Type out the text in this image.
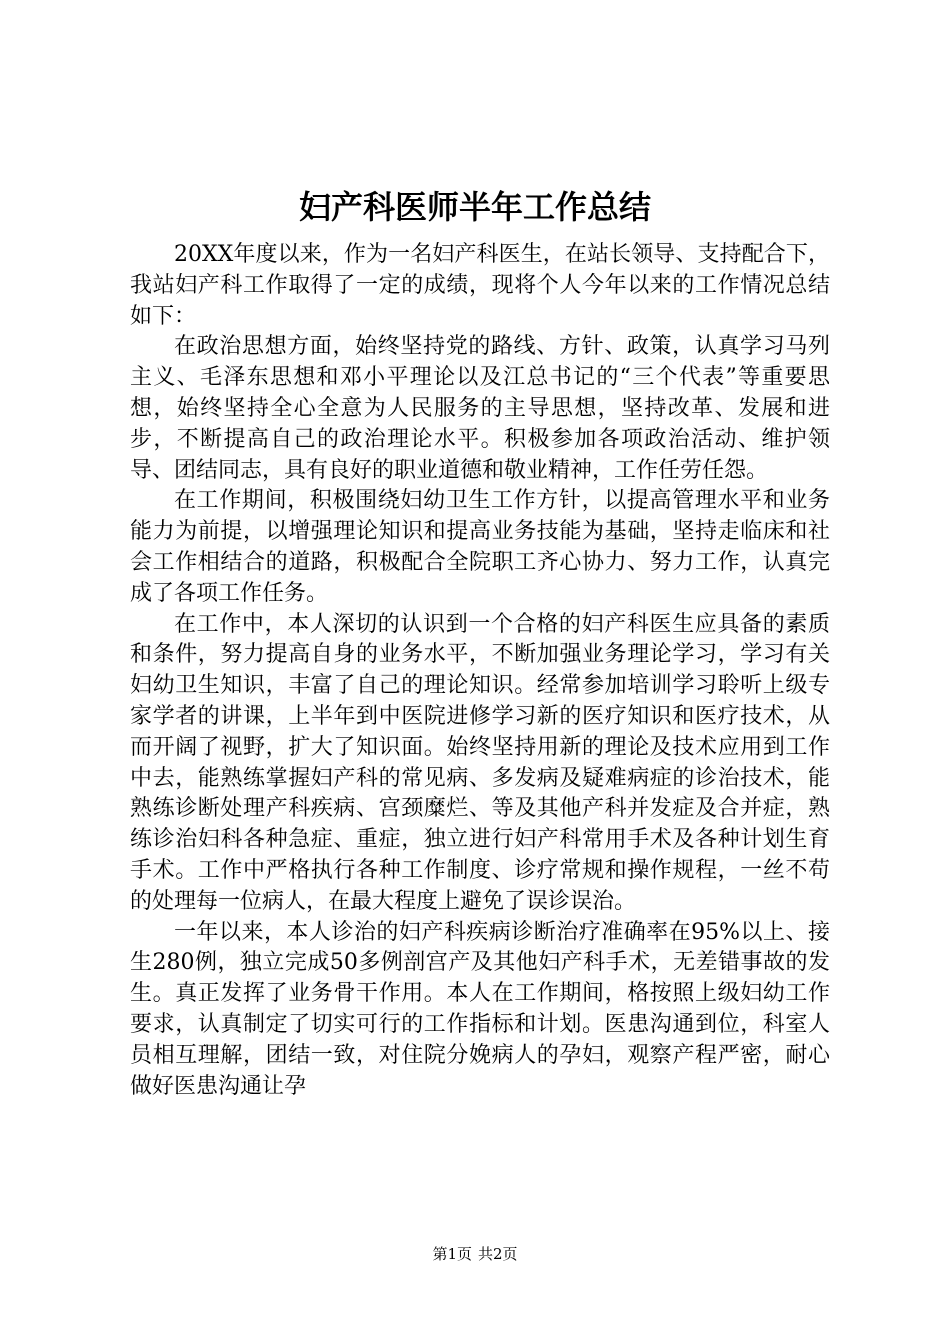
妇产科医师半年工作总结

20XX年度以来，作为一名妇产科医生，在站长领导、支持配合下，我站妇产科工作取得了一定的成绩，现将个人今年以来的工作情况总结如下：

在政治思想方面，始终坚持党的路线、方针、政策，认真学习马列主义、毛泽东思想和邓小平理论以及江总书记的“三个代表”等重要思想，始终坚持全心全意为人民服务的主导思想，坚持改革、发展和进步，不断提高自己的政治理论水平。积极参加各项政治活动、维护领导、团结同志，具有良好的职业道德和敬业精神，工作任劳任怨。

在工作期间，积极围绕妇幼卫生工作方针，以提高管理水平和业务能力为前提，以增强理论知识和提高业务技能为基础，坚持走临床和社会工作相结合的道路，积极配合全院职工齐心协力、努力工作，认真完成了各项工作任务。

在工作中，本人深切的认识到一个合格的妇产科医生应具备的素质和条件，努力提高自身的业务水平，不断加强业务理论学习，学习有关妇幼卫生知识，丰富了自己的理论知识。经常参加培训学习聆听上级专家学者的讲课，上半年到中医院进修学习新的医疗知识和医疗技术，从而开阔了视野，扩大了知识面。始终坚持用新的理论及技术应用到工作中去，能熟练掌握妇产科的常见病、多发病及疑难病症的诊治技术，能熟练诊断处理产科疾病、宫颈糜烂、等及其他产科并发症及合并症，熟练诊治妇科各种急症、重症，独立进行妇产科常用手术及各种计划生育手术。工作中严格执行各种工作制度、诊疗常规和操作规程，一丝不苟的处理每一位病人，在最大程度上避免了误诊误治。

一年以来，本人诊治的妇产科疾病诊断治疗准确率在95%以上、接生280例，独立完成50多例剖宫产及其他妇产科手术，无差错事故的发生。真正发挥了业务骨干作用。本人在工作期间，格按照上级妇幼工作要求，认真制定了切实可行的工作指标和计划。医患沟通到位，科室人员相互理解，团结一致，对住院分娩病人的孕妇，观察产程严密，耐心做好医患沟通让孕

第1页 共2页
